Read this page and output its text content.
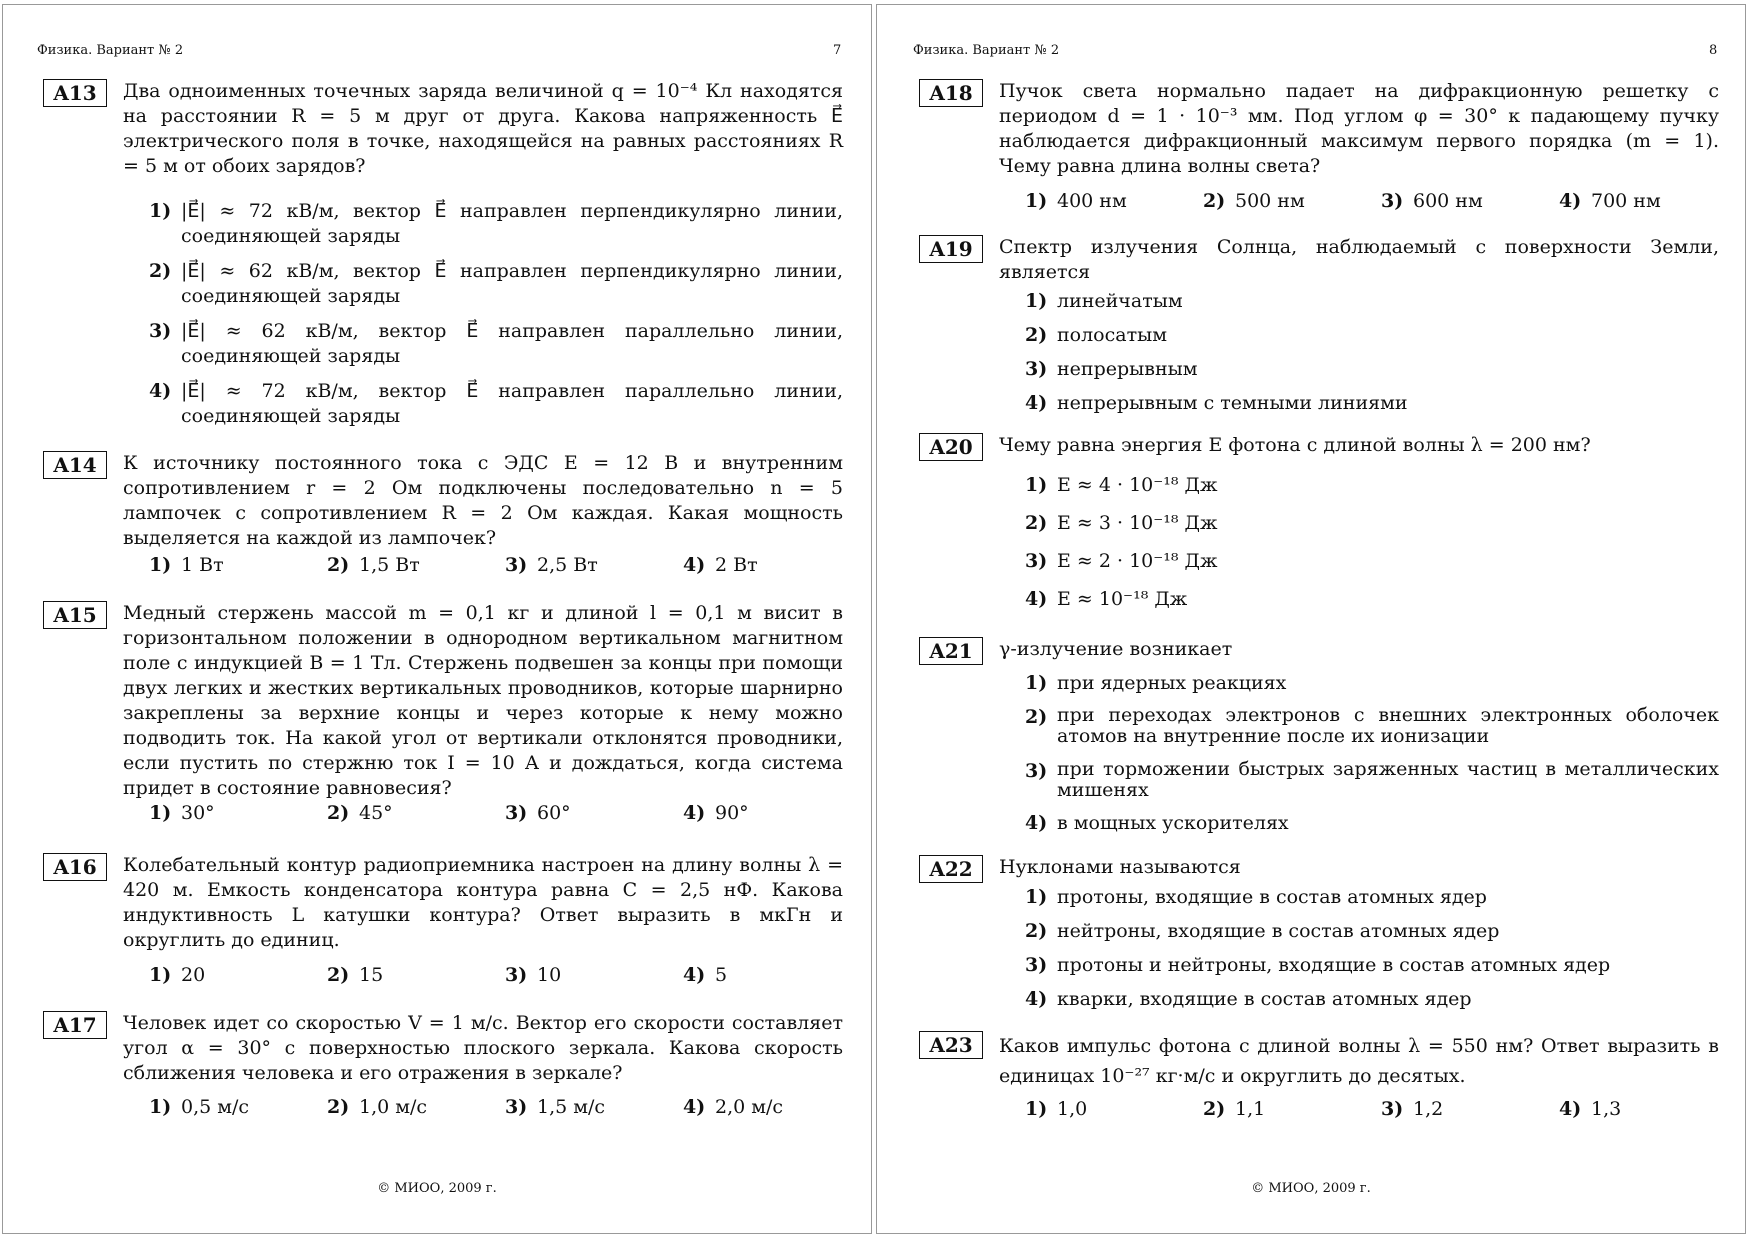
Физика. Вариант № 2	7
A13	Два одноименных точечных заряда величиной q = 10⁻⁴ Кл находятся на расстоянии R = 5 м друг от друга. Какова напряженность E⃗ электрического поля в точке, находящейся на равных расстояниях R = 5 м от обоих зарядов?
1) |E⃗| ≈ 72 кВ/м, вектор E⃗ направлен перпендикулярно линии, соединяющей заряды
2) |E⃗| ≈ 62 кВ/м, вектор E⃗ направлен перпендикулярно линии, соединяющей заряды
3) |E⃗| ≈ 62 кВ/м, вектор E⃗ направлен параллельно линии, соединяющей заряды
4) |E⃗| ≈ 72 кВ/м, вектор E⃗ направлен параллельно линии, соединяющей заряды
A14	К источнику постоянного тока с ЭДС E = 12 В и внутренним сопротивлением r = 2 Ом подключены последовательно n = 5 лампочек с сопротивлением R = 2 Ом каждая. Какая мощность выделяется на каждой из лампочек?
1) 1 Вт	2) 1,5 Вт	3) 2,5 Вт	4) 2 Вт
A15	Медный стержень массой m = 0,1 кг и длиной l = 0,1 м висит в горизонтальном положении в однородном вертикальном магнитном поле с индукцией B = 1 Тл. Стержень подвешен за концы при помощи двух легких и жестких вертикальных проводников, которые шарнирно закреплены за верхние концы и через которые к нему можно подводить ток. На какой угол от вертикали отклонятся проводники, если пустить по стержню ток I = 10 А и дождаться, когда система придет в состояние равновесия?
1) 30°	2) 45°	3) 60°	4) 90°
A16	Колебательный контур радиоприемника настроен на длину волны λ = 420 м. Емкость конденсатора контура равна C = 2,5 нФ. Какова индуктивность L катушки контура? Ответ выразить в мкГн и округлить до единиц.
1) 20	2) 15	3) 10	4) 5
A17	Человек идет со скоростью V = 1 м/с. Вектор его скорости составляет угол α = 30° с поверхностью плоского зеркала. Какова скорость сближения человека и его отражения в зеркале?
1) 0,5 м/с	2) 1,0 м/с	3) 1,5 м/с	4) 2,0 м/с
© МИОО, 2009 г.
Физика. Вариант № 2	8
A18	Пучок света нормально падает на дифракционную решетку с периодом d = 1 · 10⁻³ мм. Под углом φ = 30° к падающему пучку наблюдается дифракционный максимум первого порядка (m = 1). Чему равна длина волны света?
1) 400 нм	2) 500 нм	3) 600 нм	4) 700 нм
A19	Спектр излучения Солнца, наблюдаемый с поверхности Земли, является
1) линейчатым
2) полосатым
3) непрерывным
4) непрерывным с темными линиями
A20	Чему равна энергия E фотона с длиной волны λ = 200 нм?
1) E ≈ 4 · 10⁻¹⁸ Дж
2) E ≈ 3 · 10⁻¹⁸ Дж
3) E ≈ 2 · 10⁻¹⁸ Дж
4) E ≈ 10⁻¹⁸ Дж
A21	γ-излучение возникает
1) при ядерных реакциях
2) при переходах электронов с внешних электронных оболочек атомов на внутренние после их ионизации
3) при торможении быстрых заряженных частиц в металлических мишенях
4) в мощных ускорителях
A22	Нуклонами называются
1) протоны, входящие в состав атомных ядер
2) нейтроны, входящие в состав атомных ядер
3) протоны и нейтроны, входящие в состав атомных ядер
4) кварки, входящие в состав атомных ядер
A23	Каков импульс фотона с длиной волны λ = 550 нм? Ответ выразить в единицах 10⁻²⁷ кг·м/с и округлить до десятых.
1) 1,0	2) 1,1	3) 1,2	4) 1,3
© МИОО, 2009 г.
